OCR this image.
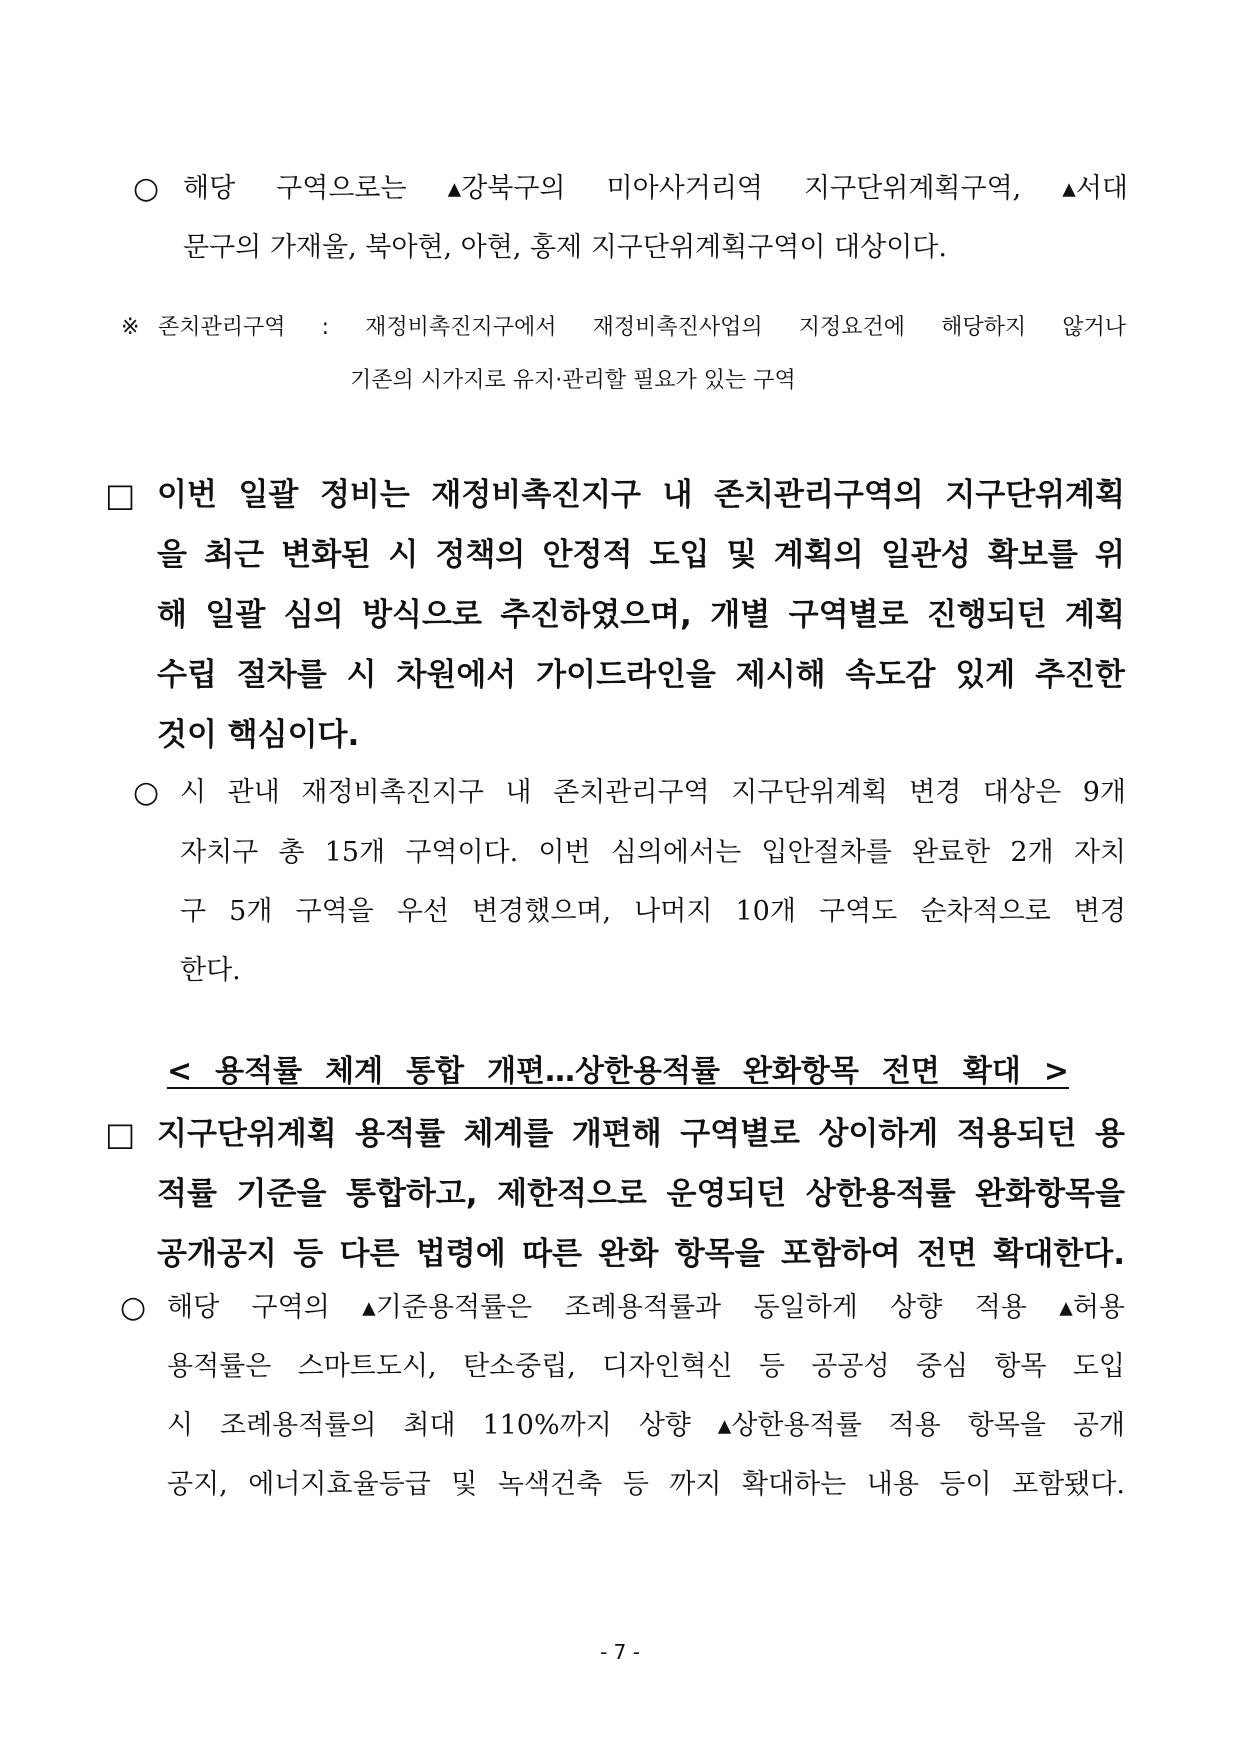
○ 해당 구역으로는 ▴강북구의 미아사거리역 지구단위계획구역, ▴서대
문구의 가재울, 북아현, 아현, 홍제 지구단위계획구역이 대상이다.
※ 존치관리구역 : 재정비촉진지구에서 재정비촉진사업의 지정요건에 해당하지 않거나
기존의 시가지로 유지·관리할 필요가 있는 구역
□ 이번 일괄 정비는 재정비촉진지구 내 존치관리구역의 지구단위계획
을 최근 변화된 시 정책의 안정적 도입 및 계획의 일관성 확보를 위
해 일괄 심의 방식으로 추진하였으며, 개별 구역별로 진행되던 계획
수립 절차를 시 차원에서 가이드라인을 제시해 속도감 있게 추진한
것이 핵심이다.
○ 시 관내 재정비촉진지구 내 존치관리구역 지구단위계획 변경 대상은 9개
자치구 총 15개 구역이다. 이번 심의에서는 입안절차를 완료한 2개 자치
구 5개 구역을 우선 변경했으며, 나머지 10개 구역도 순차적으로 변경
한다.
< 용적률 체계 통합 개편…상한용적률 완화항목 전면 확대 >
□ 지구단위계획 용적률 체계를 개편해 구역별로 상이하게 적용되던 용
적률 기준을 통합하고, 제한적으로 운영되던 상한용적률 완화항목을
공개공지 등 다른 법령에 따른 완화 항목을 포함하여 전면 확대한다.
○ 해당 구역의 ▴기준용적률은 조례용적률과 동일하게 상향 적용 ▴허용
용적률은 스마트도시, 탄소중립, 디자인혁신 등 공공성 중심 항목 도입
시 조례용적률의 최대 110%까지 상향 ▴상한용적률 적용 항목을 공개
공지, 에너지효율등급 및 녹색건축 등 까지 확대하는 내용 등이 포함됐다.
- 7 -
